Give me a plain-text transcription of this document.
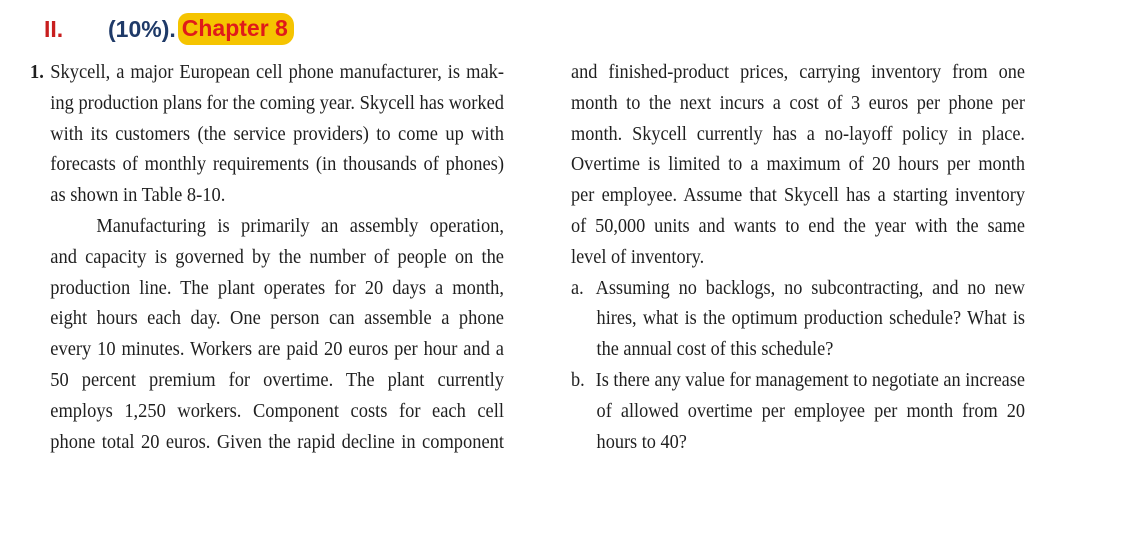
II.	(10%). Chapter 8
1. Skycell, a major European cell phone manufacturer, is mak-
ing production plans for the coming year. Skycell has worked
with its customers (the service providers) to come up with
forecasts of monthly requirements (in thousands of phones)
as shown in Table 8-10.
Manufacturing is primarily an assembly operation,
and capacity is governed by the number of people on the
production line. The plant operates for 20 days a month,
eight hours each day. One person can assemble a phone
every 10 minutes. Workers are paid 20 euros per hour and a
50 percent premium for overtime. The plant currently
employs 1,250 workers. Component costs for each cell
phone total 20 euros. Given the rapid decline in component
and finished-product prices, carrying inventory from one
month to the next incurs a cost of 3 euros per phone per
month. Skycell currently has a no-layoff policy in place.
Overtime is limited to a maximum of 20 hours per month
per employee. Assume that Skycell has a starting inventory
of 50,000 units and wants to end the year with the same
level of inventory.
a. Assuming no backlogs, no subcontracting, and no new
hires, what is the optimum production schedule? What is
the annual cost of this schedule?
b. Is there any value for management to negotiate an increase
of allowed overtime per employee per month from 20
hours to 40?
